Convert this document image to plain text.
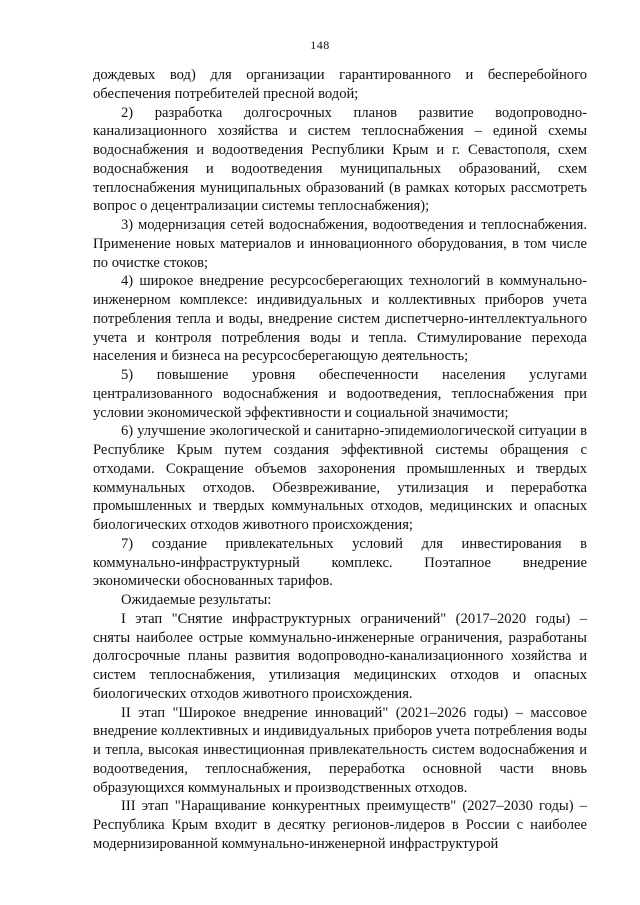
148

дождевых вод) для организации гарантированного и бесперебойного обеспечения потребителей пресной водой;

2) разработка долгосрочных планов развитие водопроводно-канализационного хозяйства и систем теплоснабжения – единой схемы водоснабжения и водоотведения Республики Крым и г. Севастополя, схем водоснабжения и водоотведения муниципальных образований, схем теплоснабжения муниципальных образований (в рамках которых рассмотреть вопрос о децентрализации системы теплоснабжения);

3) модернизация сетей водоснабжения, водоотведения и теплоснабжения. Применение новых материалов и инновационного оборудования, в том числе по очистке стоков;

4) широкое внедрение ресурсосберегающих технологий в коммунально-инженерном комплексе: индивидуальных и коллективных приборов учета потребления тепла и воды, внедрение систем диспетчерно-интеллектуального учета и контроля потребления воды и тепла. Стимулирование перехода населения и бизнеса на ресурсосберегающую деятельность;

5) повышение уровня обеспеченности населения услугами централизованного водоснабжения и водоотведения, теплоснабжения при условии экономической эффективности и социальной значимости;

6) улучшение экологической и санитарно-эпидемиологической ситуации в Республике Крым путем создания эффективной системы обращения с отходами. Сокращение объемов захоронения промышленных и твердых коммунальных отходов. Обезвреживание, утилизация и переработка промышленных и твердых коммунальных отходов, медицинских и опасных биологических отходов животного происхождения;

7) создание привлекательных условий для инвестирования в коммунально-инфраструктурный комплекс. Поэтапное внедрение экономически обоснованных тарифов.

Ожидаемые результаты:

I этап "Снятие инфраструктурных ограничений" (2017–2020 годы) – сняты наиболее острые коммунально-инженерные ограничения, разработаны долгосрочные планы развития водопроводно-канализационного хозяйства и систем теплоснабжения, утилизация медицинских отходов и опасных биологических отходов животного происхождения.

II этап "Широкое внедрение инноваций" (2021–2026 годы) – массовое внедрение коллективных и индивидуальных приборов учета потребления воды и тепла, высокая инвестиционная привлекательность систем водоснабжения и водоотведения, теплоснабжения, переработка основной части вновь образующихся коммунальных и производственных отходов.

III этап "Наращивание конкурентных преимуществ" (2027–2030 годы) – Республика Крым входит в десятку регионов-лидеров в России с наиболее модернизированной коммунально-инженерной инфраструктурой
